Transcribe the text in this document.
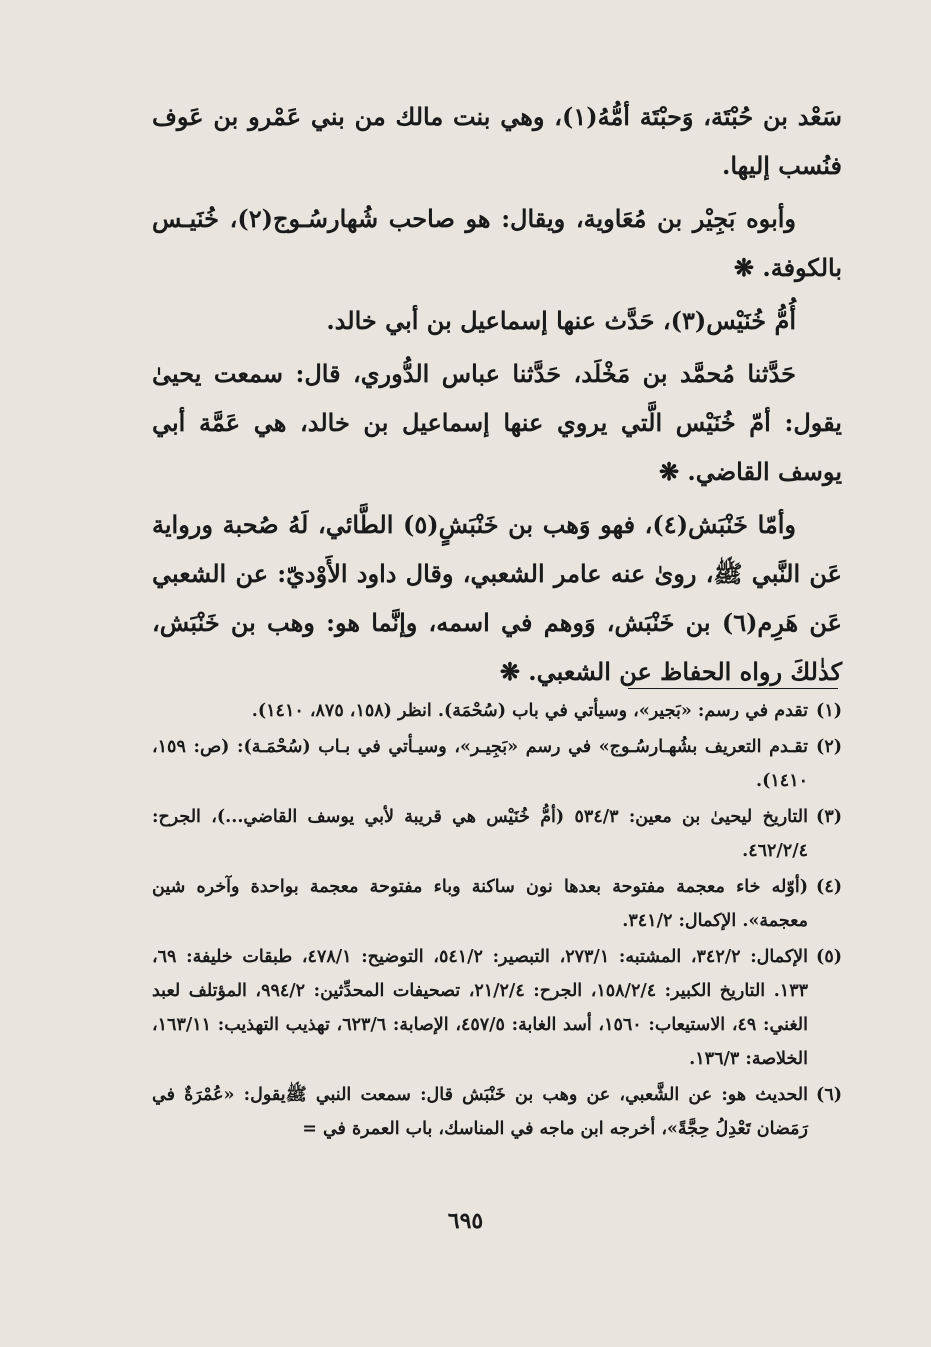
سَعْد بن حُبْتَة، وَحبْتَة أمُّهُ(١)، وهي بنت مالك من بني عَمْرو بن عَوف فنُسب إليها.

وأبوه بَجِيْر بن مُعَاوية، ويقال: هو صاحب شُهارسُـوج(٢)، خُنَيـس بالكوفة. ❋

أُمُّ خُنَيْس(٣)، حَدَّث عنها إسماعيل بن أبي خالد.

حَدَّثنا مُحمَّد بن مَخْلَد، حَدَّثنا عباس الدُّوري، قال: سمعت يحيىٰ يقول: أمّ خُنَيْس الَّتي يروي عنها إسماعيل بن خالد، هي عَمَّة أبي يوسف القاضي. ❋

وأمّا خَنْبَش(٤)، فهو وَهب بن خَنْبَشٍ(٥) الطَّائي، لَهُ صُحبة ورواية عَن النَّبي ﷺ، روىٰ عنه عامر الشعبي، وقال داود الأَوْديّ: عن الشعبي عَن هَرِم(٦) بن خَنْبَش، وَوهم في اسمه، وإنَّما هو: وهب بن خَنْبَش، كذٰلكَ رواه الحفاظ عن الشعبي. ❋

(١)
تقدم في رسم: «بَجير»، وسيأتي في باب (سُحْمَة). انظر (١٥٨، ٨٧٥، ١٤١٠).
(٢)
تقـدم التعريف بشُهـارسُـوج» في رسم «بَجِيـر»، وسيـأتي في بـاب (سُحْمَـة): (ص: ١٥٩، ١٤١٠).
(٣)
التاريخ ليحيىٰ بن معين: ٥٣٤/٣ (أمُّ خُنَيْس هي قريبة لأبي يوسف القاضي...)، الجرح: ٤٦٢/٢/٤.
(٤)
(أوّله خاء معجمة مفتوحة بعدها نون ساكنة وباء مفتوحة معجمة بواحدة وآخره شين معجمة». الإكمال: ٣٤١/٢.
(٥)
الإكمال: ٣٤٢/٢، المشتبه: ٢٧٣/١، التبصير: ٥٤١/٢، التوضيح: ٤٧٨/١، طبقات خليفة: ٦٩، ١٣٣. التاريخ الكبير: ١٥٨/٢/٤، الجرح: ٢١/٢/٤، تصحيفات المحدِّثين: ٩٩٤/٢، المؤتلف لعبد الغني: ٤٩، الاستيعاب: ١٥٦٠، أسد الغابة: ٤٥٧/٥، الإصابة: ٦٢٣/٦، تهذيب التهذيب: ١٦٣/١١، الخلاصة: ١٣٦/٣.
(٦)
الحديث هو: عن الشَّعبي، عن وهب بن خَنْبَش قال: سمعت النبي ﷺيقول: «عُمْرَةٌ في رَمَضان تَعْدِلُ حِجَّةً»، أخرجه ابن ماجه في المناسك، باب العمرة في =
٦٩٥
